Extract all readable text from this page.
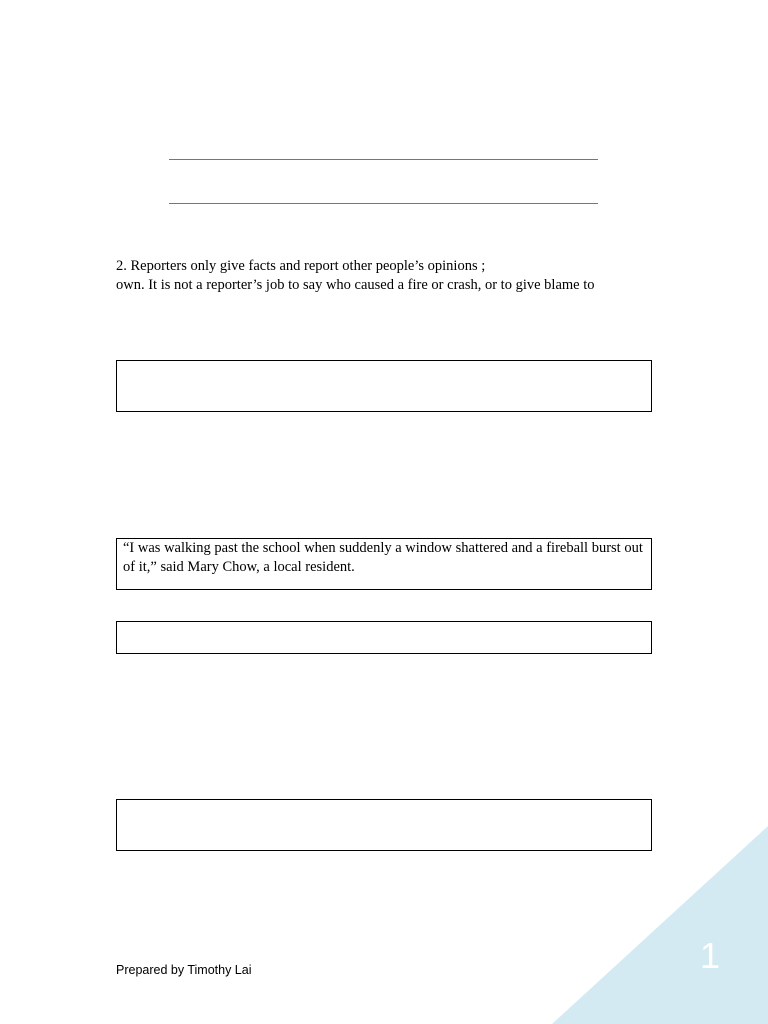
2. Reporters only give facts and report other people’s opinions ;
own. It is not a reporter’s job to say who caused a fire or crash, or to give blame to
“I was walking past the school when suddenly a window shattered and a fireball burst out of it,” said Mary Chow, a local resident.
Prepared by Timothy Lai	1
